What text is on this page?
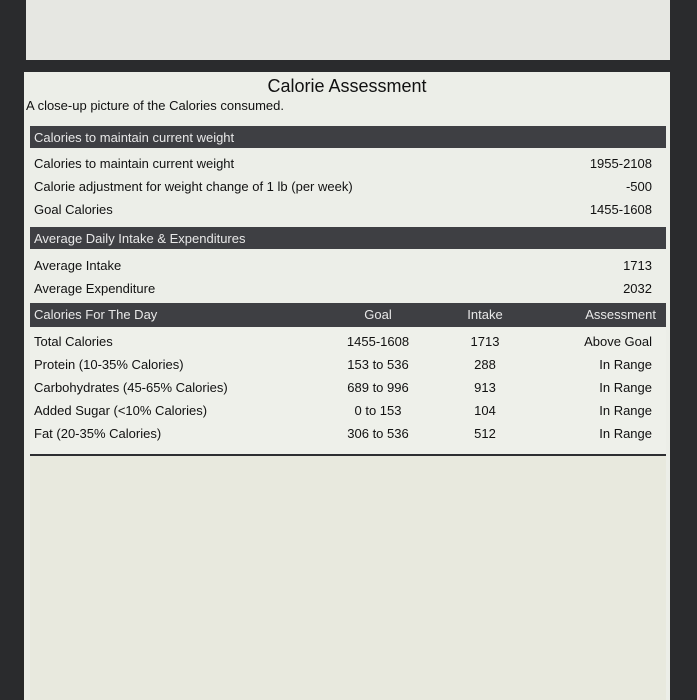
Calorie Assessment
A close-up picture of the Calories consumed.
Calories to maintain current weight
Calories to maintain current weight	1955-2108
Calorie adjustment for weight change of 1 lb (per week)	-500
Goal Calories	1455-1608
Average Daily Intake & Expenditures
Average Intake	1713
Average Expenditure	2032
Calories For The Day	Goal	Intake	Assessment
Total Calories	1455-1608	1713	Above Goal
Protein (10-35% Calories)	153 to 536	288	In Range
Carbohydrates (45-65% Calories)	689 to 996	913	In Range
Added Sugar (<10% Calories)	0 to 153	104	In Range
Fat (20-35% Calories)	306 to 536	512	In Range
